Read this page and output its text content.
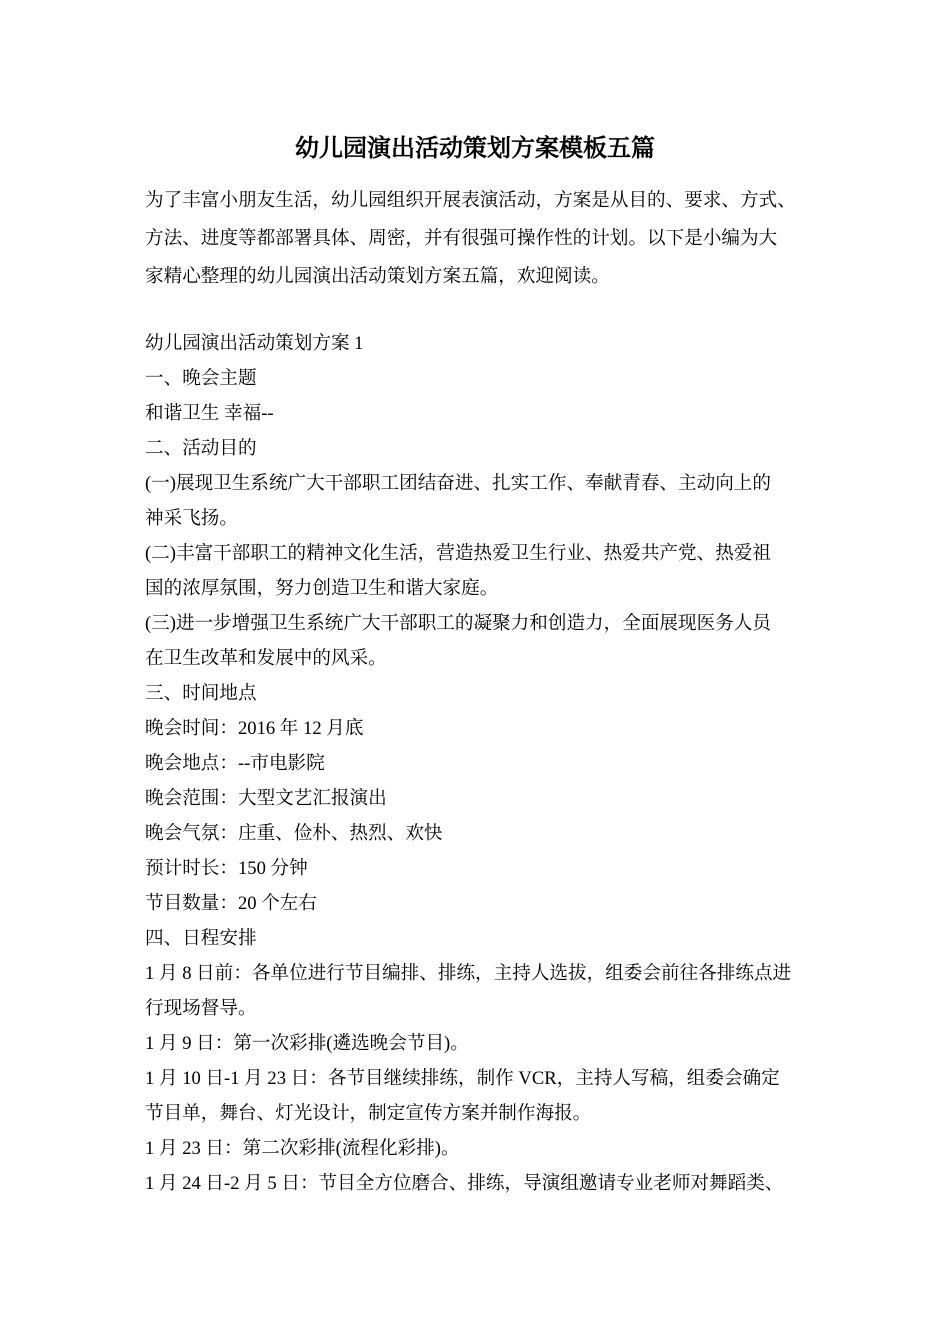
幼儿园演出活动策划方案模板五篇
为了丰富小朋友生活，幼儿园组织开展表演活动，方案是从目的、要求、方式、
方法、进度等都部署具体、周密，并有很强可操作性的计划。以下是小编为大
家精心整理的幼儿园演出活动策划方案五篇，欢迎阅读。
幼儿园演出活动策划方案 1
一、晚会主题
和谐卫生 幸福--
二、活动目的
(一)展现卫生系统广大干部职工团结奋进、扎实工作、奉献青春、主动向上的
神采飞扬。
(二)丰富干部职工的精神文化生活，营造热爱卫生行业、热爱共产党、热爱祖
国的浓厚氛围，努力创造卫生和谐大家庭。
(三)进一步增强卫生系统广大干部职工的凝聚力和创造力，全面展现医务人员
在卫生改革和发展中的风采。
三、时间地点
晚会时间：2016 年 12 月底
晚会地点：--市电影院
晚会范围：大型文艺汇报演出
晚会气氛：庄重、俭朴、热烈、欢快
预计时长：150 分钟
节目数量：20 个左右
四、日程安排
1 月 8 日前：各单位进行节目编排、排练，主持人选拔，组委会前往各排练点进
行现场督导。
1 月 9 日：第一次彩排(遴选晚会节目)。
1 月 10 日-1 月 23 日：各节目继续排练，制作 VCR，主持人写稿，组委会确定
节目单，舞台、灯光设计，制定宣传方案并制作海报。
1 月 23 日：第二次彩排(流程化彩排)。
1 月 24 日-2 月 5 日：节目全方位磨合、排练，导演组邀请专业老师对舞蹈类、
